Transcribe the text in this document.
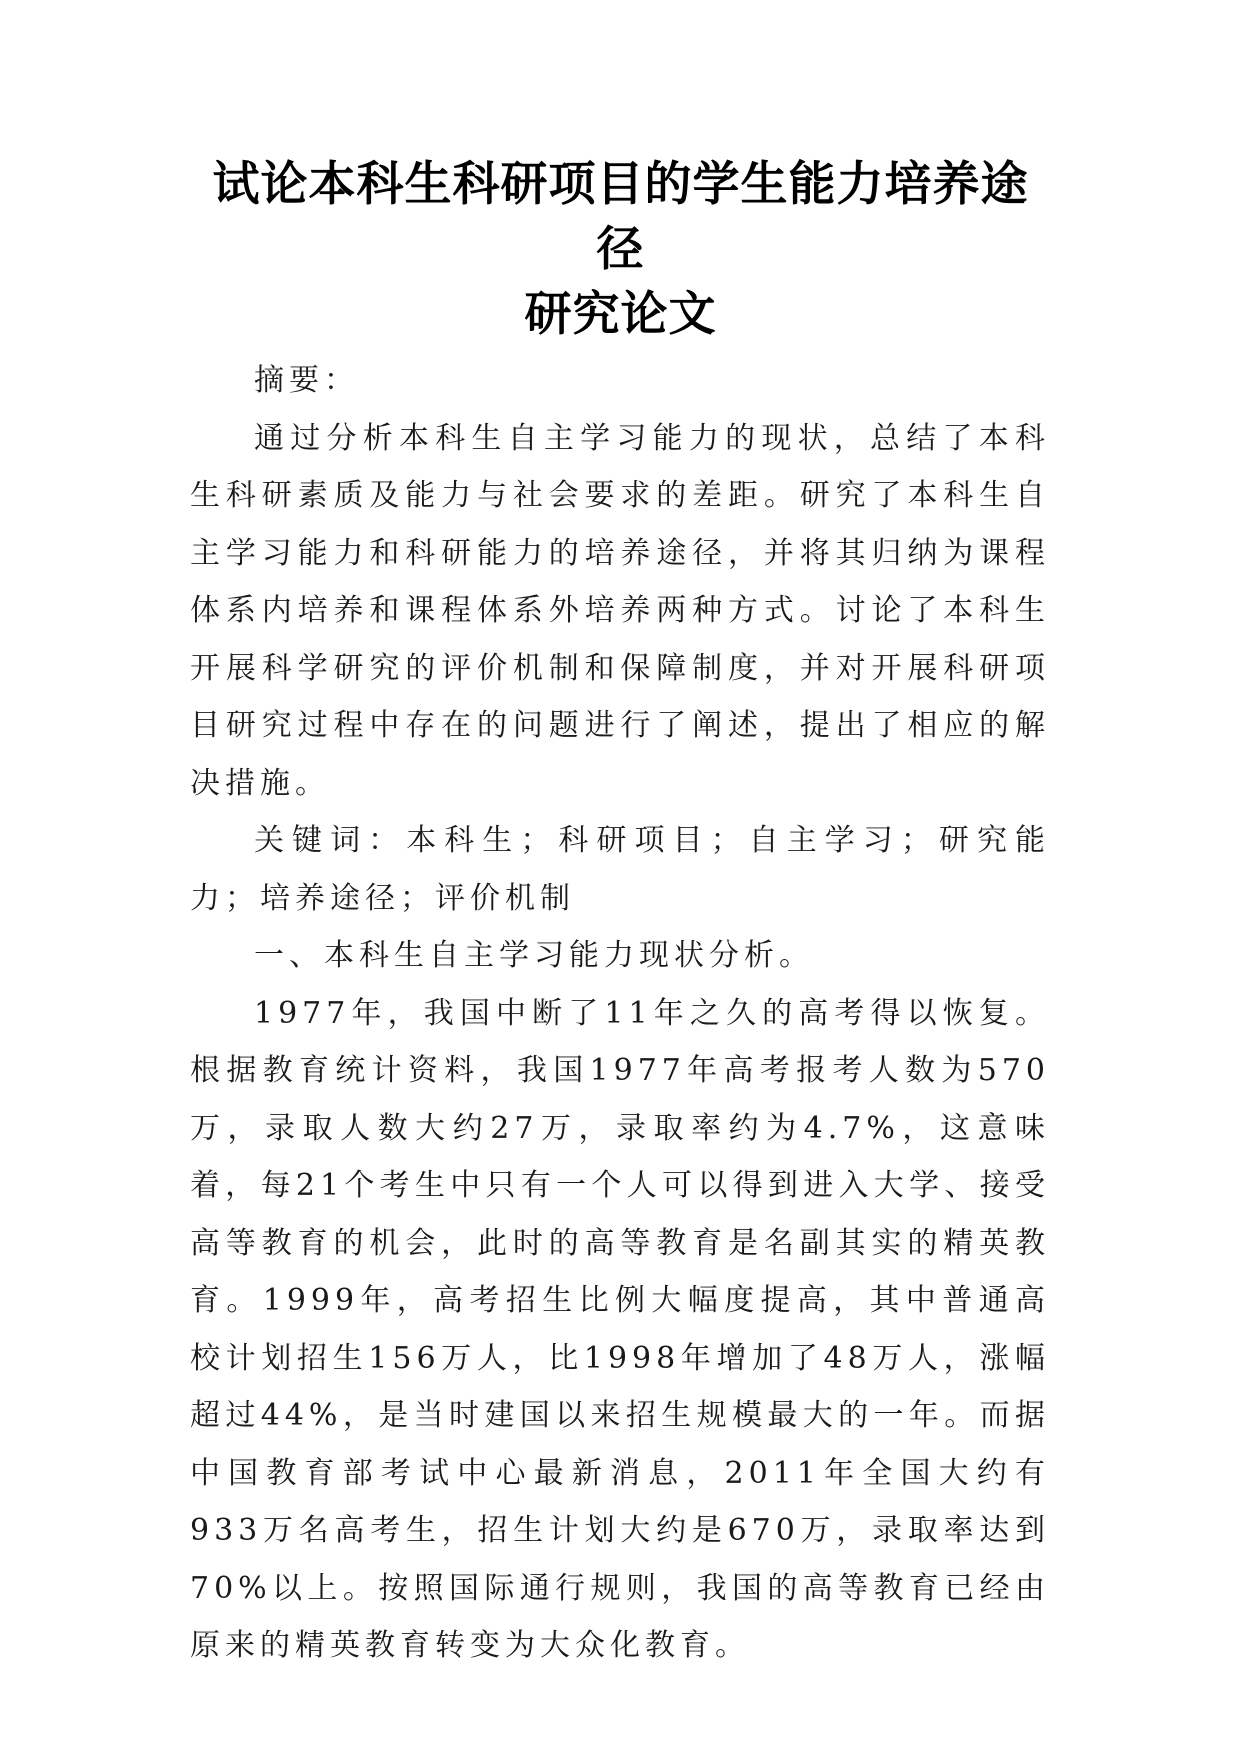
试论本科生科研项目的学生能力培养途径
研究论文

摘要：

通过分析本科生自主学习能力的现状，总结了本科生科研素质及能力与社会要求的差距。研究了本科生自主学习能力和科研能力的培养途径，并将其归纳为课程体系内培养和课程体系外培养两种方式。讨论了本科生开展科学研究的评价机制和保障制度，并对开展科研项目研究过程中存在的问题进行了阐述，提出了相应的解决措施。

关键词：本科生；科研项目；自主学习；研究能力；培养途径；评价机制

一、本科生自主学习能力现状分析。

1977年，我国中断了11年之久的高考得以恢复。根据教育统计资料，我国1977年高考报考人数为570万，录取人数大约27万，录取率约为4.7%，这意味着，每21个考生中只有一个人可以得到进入大学、接受高等教育的机会，此时的高等教育是名副其实的精英教育。1999年，高考招生比例大幅度提高，其中普通高校计划招生156万人，比1998年增加了48万人，涨幅超过44%，是当时建国以来招生规模最大的一年。而据中国教育部考试中心最新消息，2011年全国大约有933万名高考生，招生计划大约是670万，录取率达到70%以上。按照国际通行规则，我国的高等教育已经由原来的精英教育转变为大众化教育。
